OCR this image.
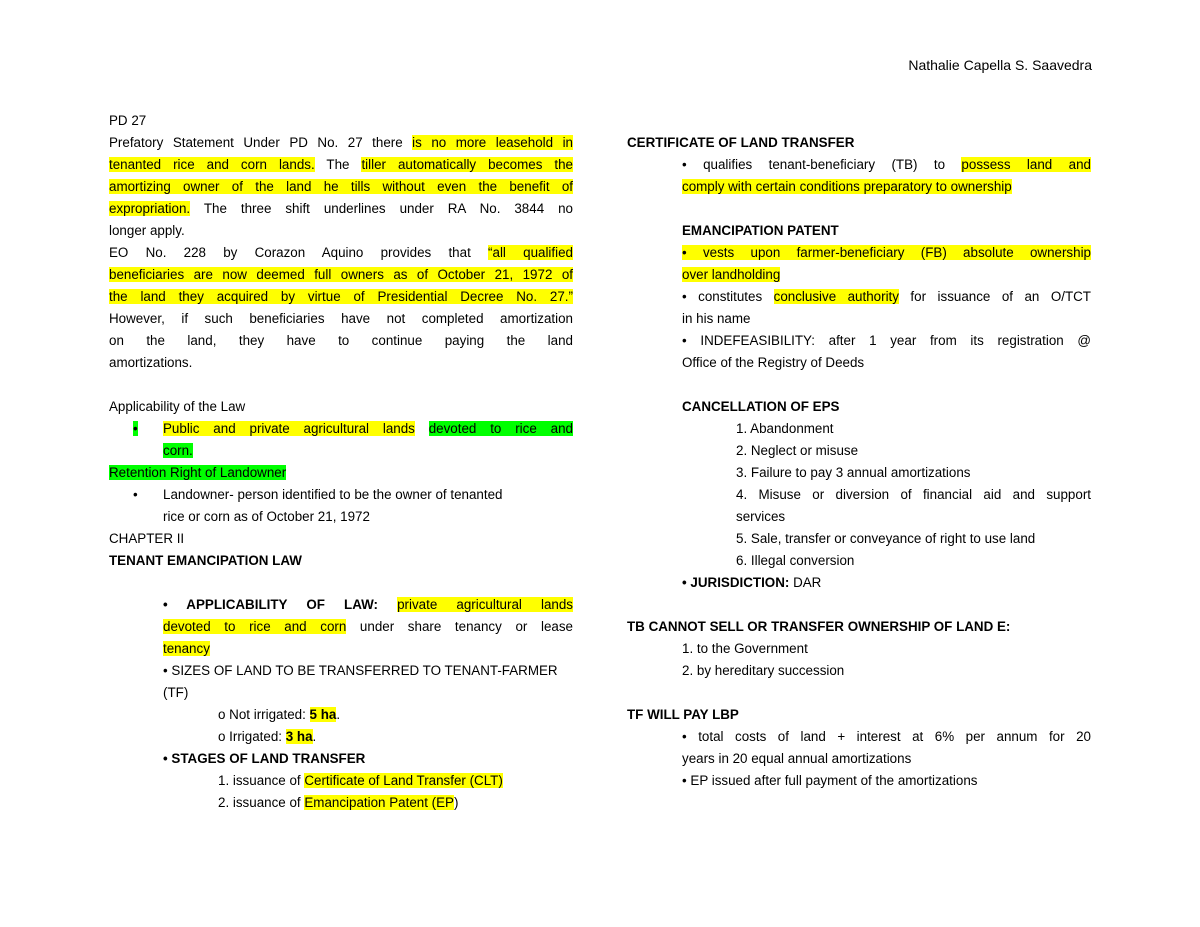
Nathalie Capella S. Saavedra
PD 27
Prefatory Statement Under PD No. 27 there is no more leasehold in
tenanted rice and corn lands. The tiller automatically becomes the
amortizing owner of the land he tills without even the benefit of
expropriation. The three shift underlines under RA No. 3844 no
longer apply.
EO No. 228 by Corazon Aquino provides that “all qualified
beneficiaries are now deemed full owners as of October 21, 1972 of
the land they acquired by virtue of Presidential Decree No. 27.”
However, if such beneficiaries have not completed amortization
on the land, they have to continue paying the land
amortizations.
Applicability of the Law
•	Public and private agricultural lands devoted to rice and
corn.
Retention Right of Landowner
•	Landowner- person identified to be the owner of tenanted
rice or corn as of October 21, 1972
CHAPTER II
TENANT EMANCIPATION LAW
• APPLICABILITY OF LAW: private agricultural lands
devoted to rice and corn under share tenancy or lease
tenancy
• SIZES OF LAND TO BE TRANSFERRED TO TENANT-FARMER
(TF)
o Not irrigated: 5 ha.
o Irrigated: 3 ha.
• STAGES OF LAND TRANSFER
1. issuance of Certificate of Land Transfer (CLT)
2. issuance of Emancipation Patent (EP)
CERTIFICATE OF LAND TRANSFER
• qualifies tenant-beneficiary (TB) to possess land and
comply with certain conditions preparatory to ownership
EMANCIPATION PATENT
• vests upon farmer-beneficiary (FB) absolute ownership
over landholding
• constitutes conclusive authority for issuance of an O/TCT
in his name
• INDEFEASIBILITY: after 1 year from its registration @
Office of the Registry of Deeds
CANCELLATION OF EPS
1. Abandonment
2. Neglect or misuse
3. Failure to pay 3 annual amortizations
4. Misuse or diversion of financial aid and support
services
5. Sale, transfer or conveyance of right to use land
6. Illegal conversion
• JURISDICTION: DAR
TB CANNOT SELL OR TRANSFER OWNERSHIP OF LAND E:
1. to the Government
2. by hereditary succession
TF WILL PAY LBP
• total costs of land + interest at 6% per annum for 20
years in 20 equal annual amortizations
• EP issued after full payment of the amortizations
